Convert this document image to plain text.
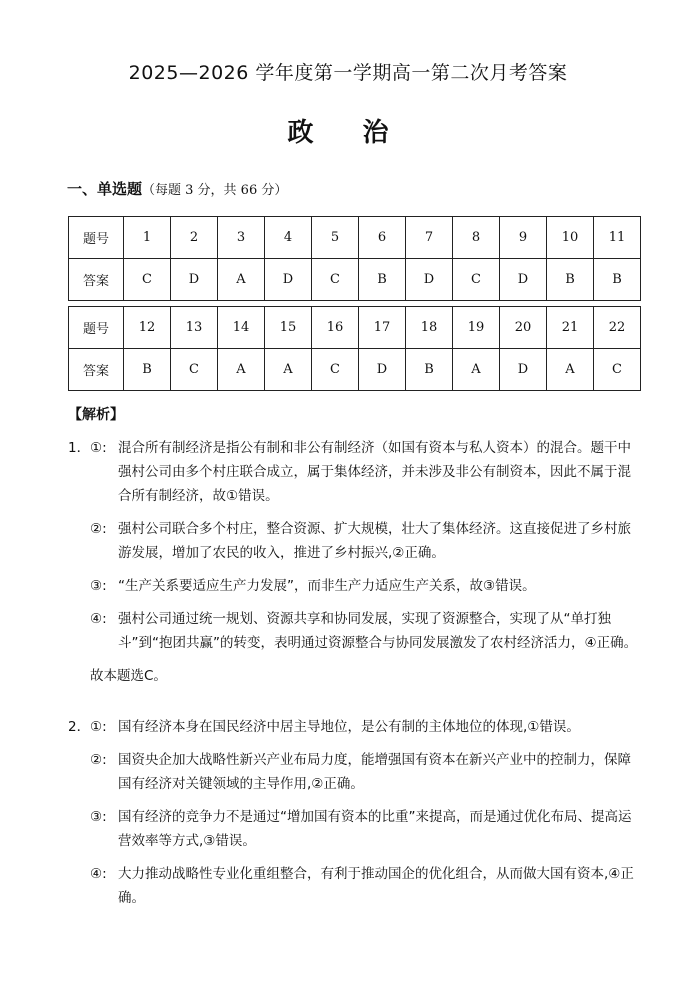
2025—2026 学年度第一学期高一第二次月考答案
政 治
一、单选题（每题 3 分，共 66 分）
题号	1	2	3	4	5	6	7	8	9	10	11
答案	C	D	A	D	C	B	D	C	D	B	B
题号	12	13	14	15	16	17	18	19	20	21	22
答案	B	C	A	A	C	D	B	A	D	A	C
【解析】
1． ①: 混合所有制经济是指公有制和非公有制经济（如国有资本与私人资本）的混合。题干中强村公司由多个村庄联合成立，属于集体经济，并未涉及非公有制资本，因此不属于混合所有制经济，故①错误。
②: 强村公司联合多个村庄，整合资源、扩大规模，壮大了集体经济。这直接促进了乡村旅游发展，增加了农民的收入，推进了乡村振兴,②正确。
③: “生产关系要适应生产力发展”，而非生产力适应生产关系，故③错误。
④: 强村公司通过统一规划、资源共享和协同发展，实现了资源整合，实现了从“单打独斗”到“抱团共赢”的转变，表明通过资源整合与协同发展激发了农村经济活力，④正确。
故本题选C。
2． ①: 国有经济本身在国民经济中居主导地位，是公有制的主体地位的体现,①错误。
②: 国资央企加大战略性新兴产业布局力度，能增强国有资本在新兴产业中的控制力，保障国有经济对关键领域的主导作用,②正确。
③: 国有经济的竞争力不是通过“增加国有资本的比重”来提高，而是通过优化布局、提高运营效率等方式,③错误。
④: 大力推动战略性专业化重组整合，有利于推动国企的优化组合，从而做大国有资本,④正确。
